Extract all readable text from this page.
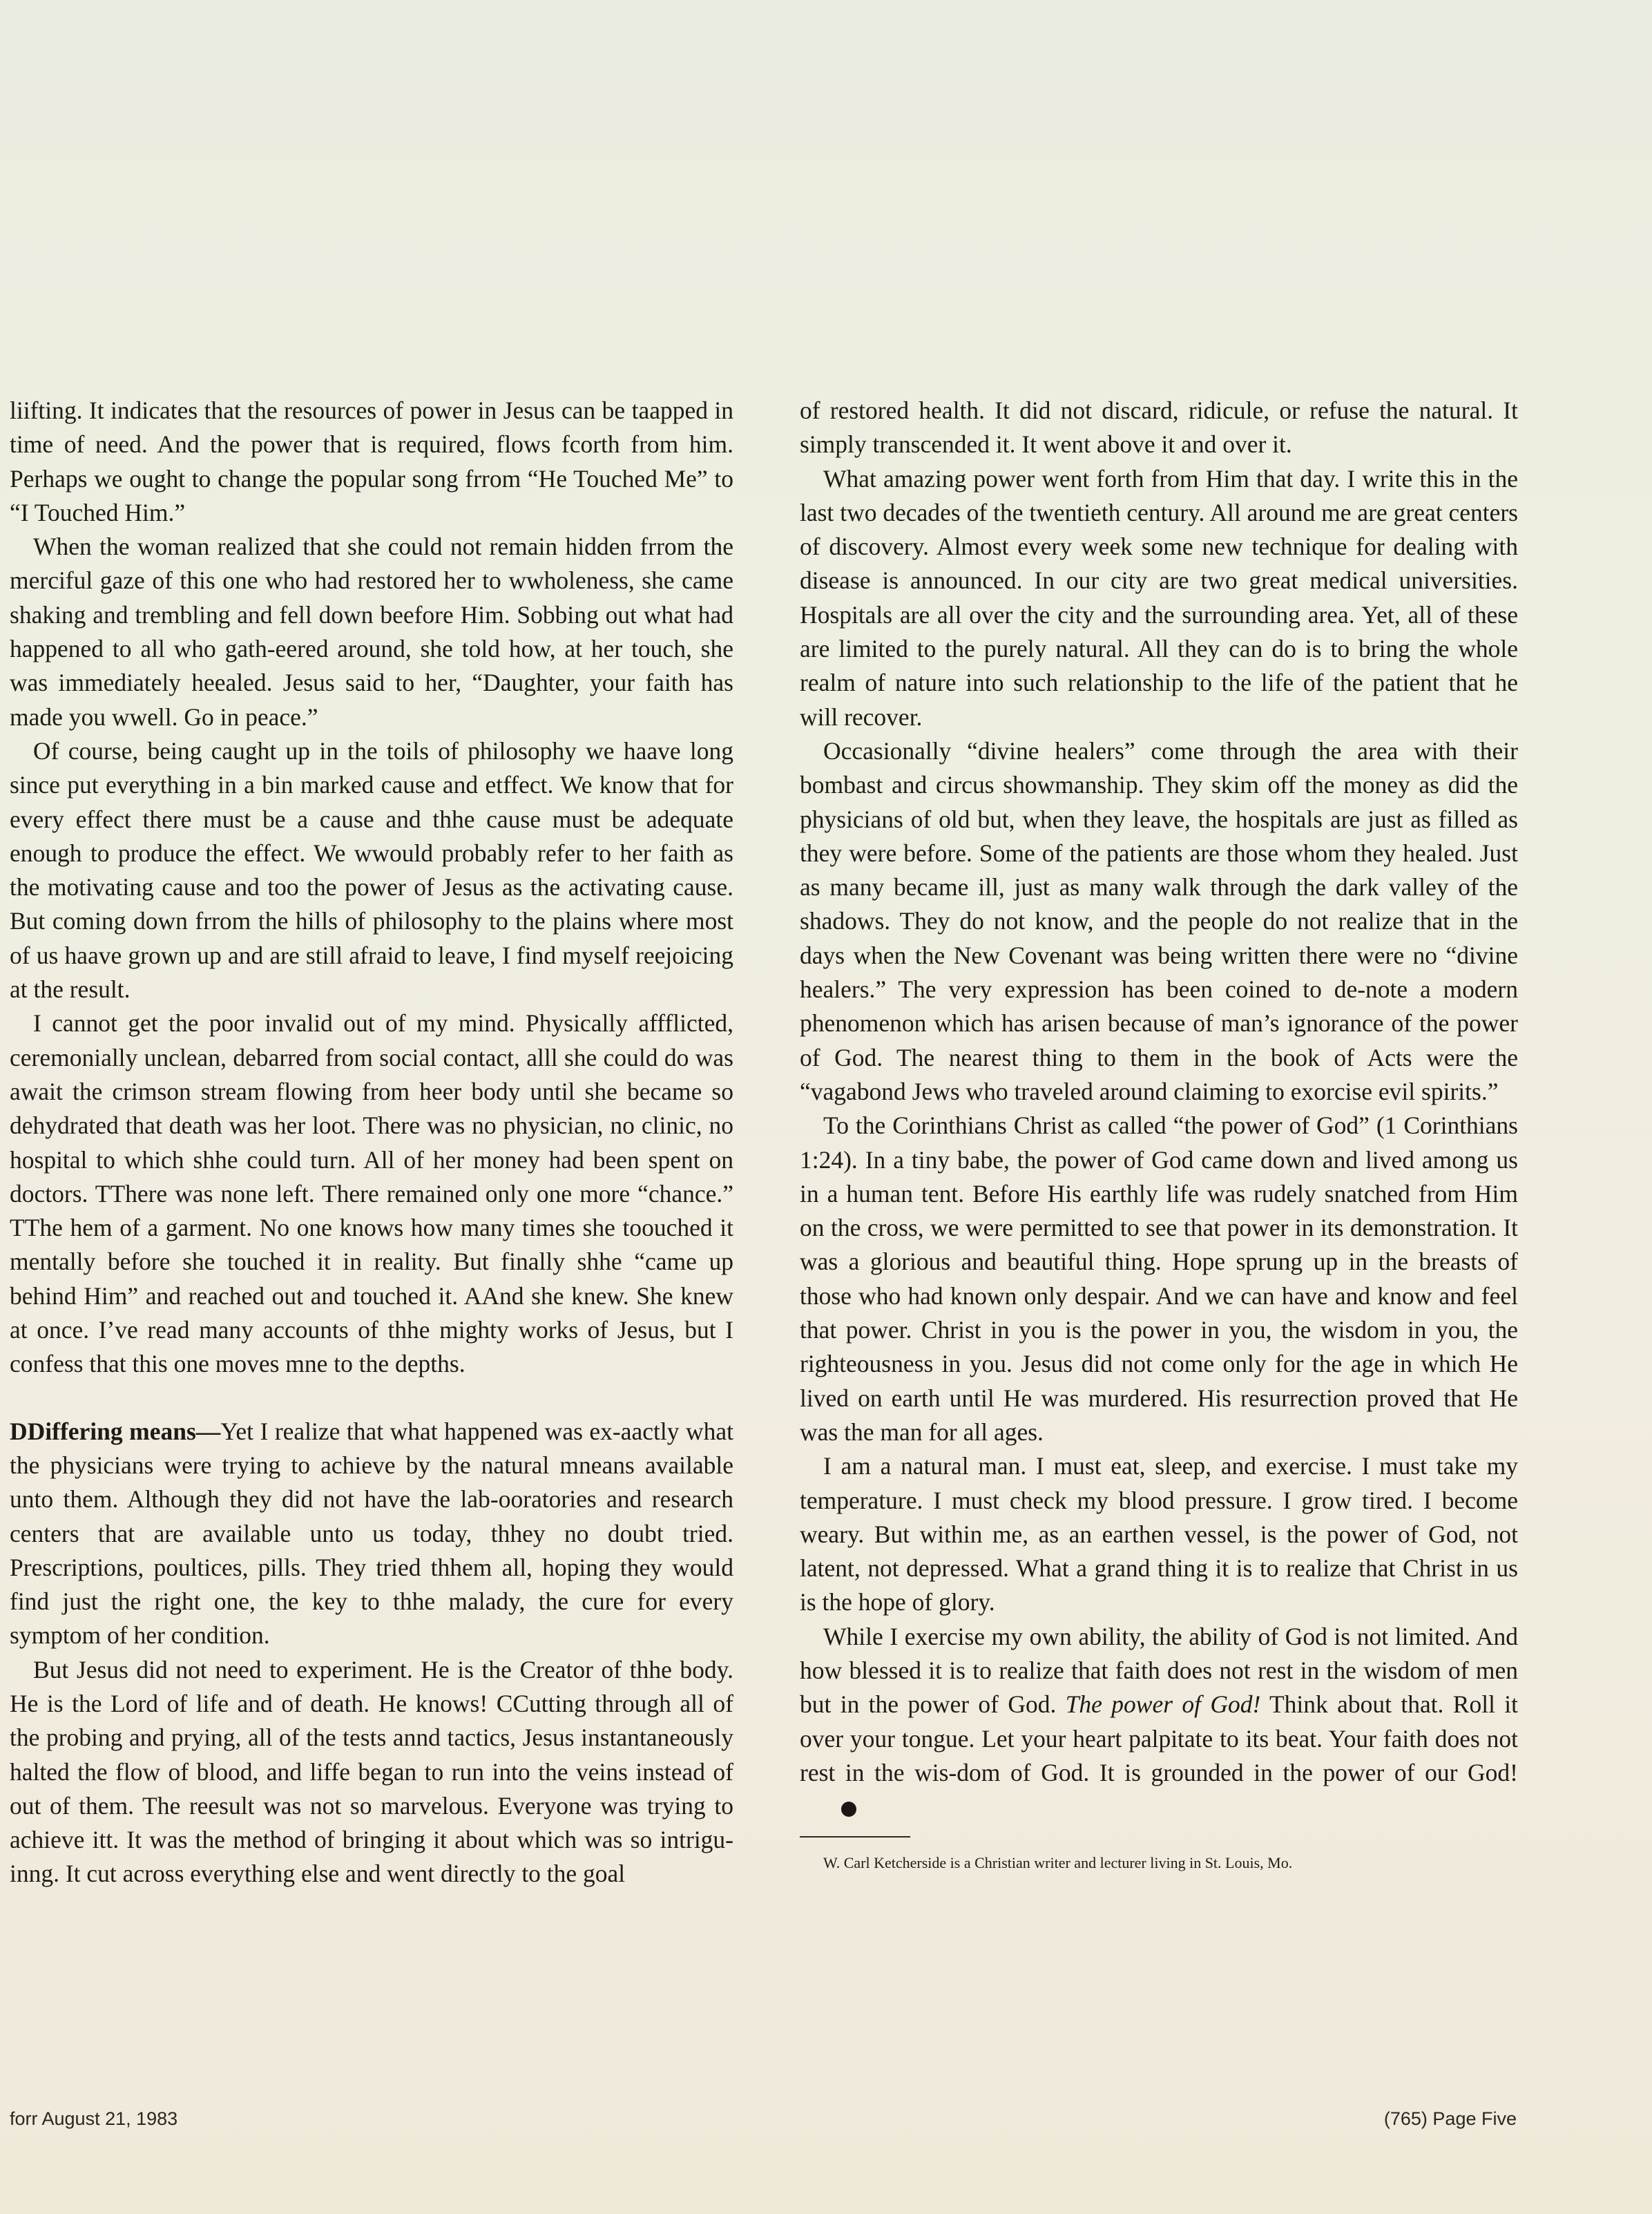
liifting. It indicates that the resources of power in Jesus can be taapped in time of need. And the power that is required, flows fcorth from him. Perhaps we ought to change the popular song frrom “He Touched Me” to “I Touched Him.”

When the woman realized that she could not remain hidden frrom the merciful gaze of this one who had restored her to wwholeness, she came shaking and trembling and fell down beefore Him. Sobbing out what had happened to all who gath-eered around, she told how, at her touch, she was immediately heealed. Jesus said to her, “Daughter, your faith has made you wwell. Go in peace.”

Of course, being caught up in the toils of philosophy we haave long since put everything in a bin marked cause and etffect. We know that for every effect there must be a cause and thhe cause must be adequate enough to produce the effect. We wwould probably refer to her faith as the motivating cause and too the power of Jesus as the activating cause. But coming down frrom the hills of philosophy to the plains where most of us haave grown up and are still afraid to leave, I find myself reejoicing at the result.

I cannot get the poor invalid out of my mind. Physically affflicted, ceremonially unclean, debarred from social contact, alll she could do was await the crimson stream flowing from heer body until she became so dehydrated that death was her loot. There was no physician, no clinic, no hospital to which shhe could turn. All of her money had been spent on doctors. TThere was none left. There remained only one more “chance.” TThe hem of a garment. No one knows how many times she toouched it mentally before she touched it in reality. But finally shhe “came up behind Him” and reached out and touched it. AAnd she knew. She knew at once. I’ve read many accounts of thhe mighty works of Jesus, but I confess that this one moves mne to the depths.

DDiffering means—Yet I realize that what happened was ex-aactly what the physicians were trying to achieve by the natural mneans available unto them. Although they did not have the lab-ooratories and research centers that are available unto us today, thhey no doubt tried. Prescriptions, poultices, pills. They tried thhem all, hoping they would find just the right one, the key to thhe malady, the cure for every symptom of her condition.

But Jesus did not need to experiment. He is the Creator of thhe body. He is the Lord of life and of death. He knows! CCutting through all of the probing and prying, all of the tests annd tactics, Jesus instantaneously halted the flow of blood, and liffe began to run into the veins instead of out of them. The reesult was not so marvelous. Everyone was trying to achieve itt. It was the method of bringing it about which was so intrigu-inng. It cut across everything else and went directly to the goal

of restored health. It did not discard, ridicule, or refuse the natural. It simply transcended it. It went above it and over it.

What amazing power went forth from Him that day. I write this in the last two decades of the twentieth century. All around me are great centers of discovery. Almost every week some new technique for dealing with disease is announced. In our city are two great medical universities. Hospitals are all over the city and the surrounding area. Yet, all of these are limited to the purely natural. All they can do is to bring the whole realm of nature into such relationship to the life of the patient that he will recover.

Occasionally “divine healers” come through the area with their bombast and circus showmanship. They skim off the money as did the physicians of old but, when they leave, the hospitals are just as filled as they were before. Some of the patients are those whom they healed. Just as many became ill, just as many walk through the dark valley of the shadows. They do not know, and the people do not realize that in the days when the New Covenant was being written there were no “divine healers.” The very expression has been coined to de-note a modern phenomenon which has arisen because of man’s ignorance of the power of God. The nearest thing to them in the book of Acts were the “vagabond Jews who traveled around claiming to exorcise evil spirits.”

To the Corinthians Christ as called “the power of God” (1 Corinthians 1:24). In a tiny babe, the power of God came down and lived among us in a human tent. Before His earthly life was rudely snatched from Him on the cross, we were permitted to see that power in its demonstration. It was a glorious and beautiful thing. Hope sprung up in the breasts of those who had known only despair. And we can have and know and feel that power. Christ in you is the power in you, the wisdom in you, the righteousness in you. Jesus did not come only for the age in which He lived on earth until He was murdered. His resurrection proved that He was the man for all ages.

I am a natural man. I must eat, sleep, and exercise. I must take my temperature. I must check my blood pressure. I grow tired. I become weary. But within me, as an earthen vessel, is the power of God, not latent, not depressed. What a grand thing it is to realize that Christ in us is the hope of glory.

While I exercise my own ability, the ability of God is not limited. And how blessed it is to realize that faith does not rest in the wisdom of men but in the power of God. The power of God! Think about that. Roll it over your tongue. Let your heart palpitate to its beat. Your faith does not rest in the wis-dom of God. It is grounded in the power of our God!

W. Carl Ketcherside is a Christian writer and lecturer living in St. Louis, Mo.

forr August 21, 1983	(765) Page Five
